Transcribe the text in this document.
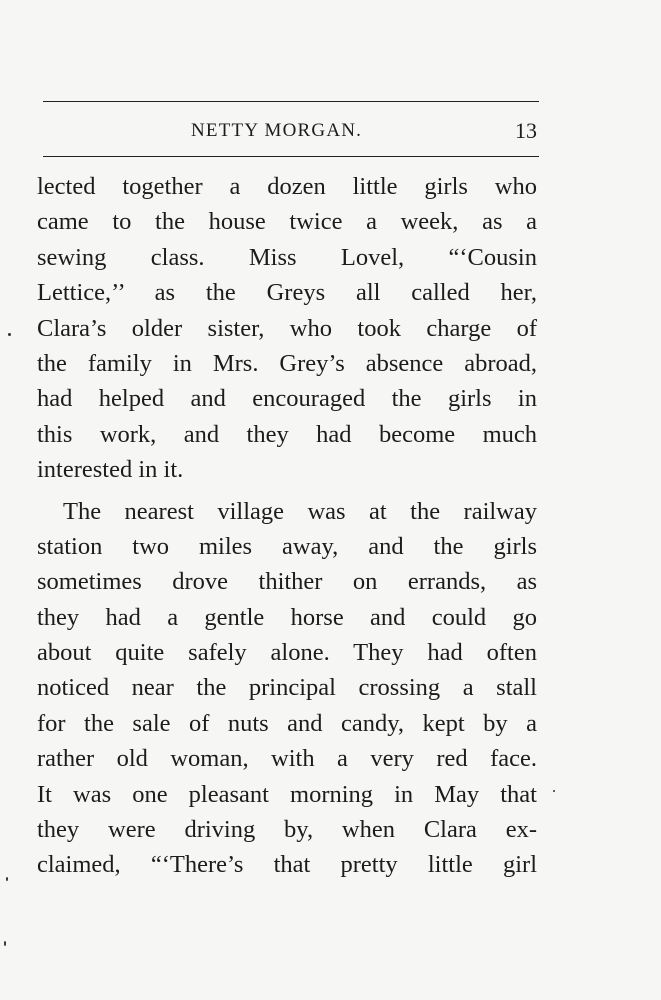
NETTY MORGAN.	13
lected together a dozen little girls who
came to the house twice a week, as a
sewing class. Miss Lovel, “‘Cousin
Lettice,’’ as the Greys all called her,
Clara’s older sister, who took charge of
the family in Mrs. Grey’s absence abroad,
had helped and encouraged the girls in
this work, and they had become much
interested in it.
The nearest village was at the railway
station two miles away, and the girls
sometimes drove thither on errands, as
they had a gentle horse and could go
about quite safely alone. They had often
noticed near the principal crossing a stall
for the sale of nuts and candy, kept by a
rather old woman, with a very red face.
It was one pleasant morning in May that
they were driving by, when Clara ex-
claimed, “‘There’s that pretty little girl
